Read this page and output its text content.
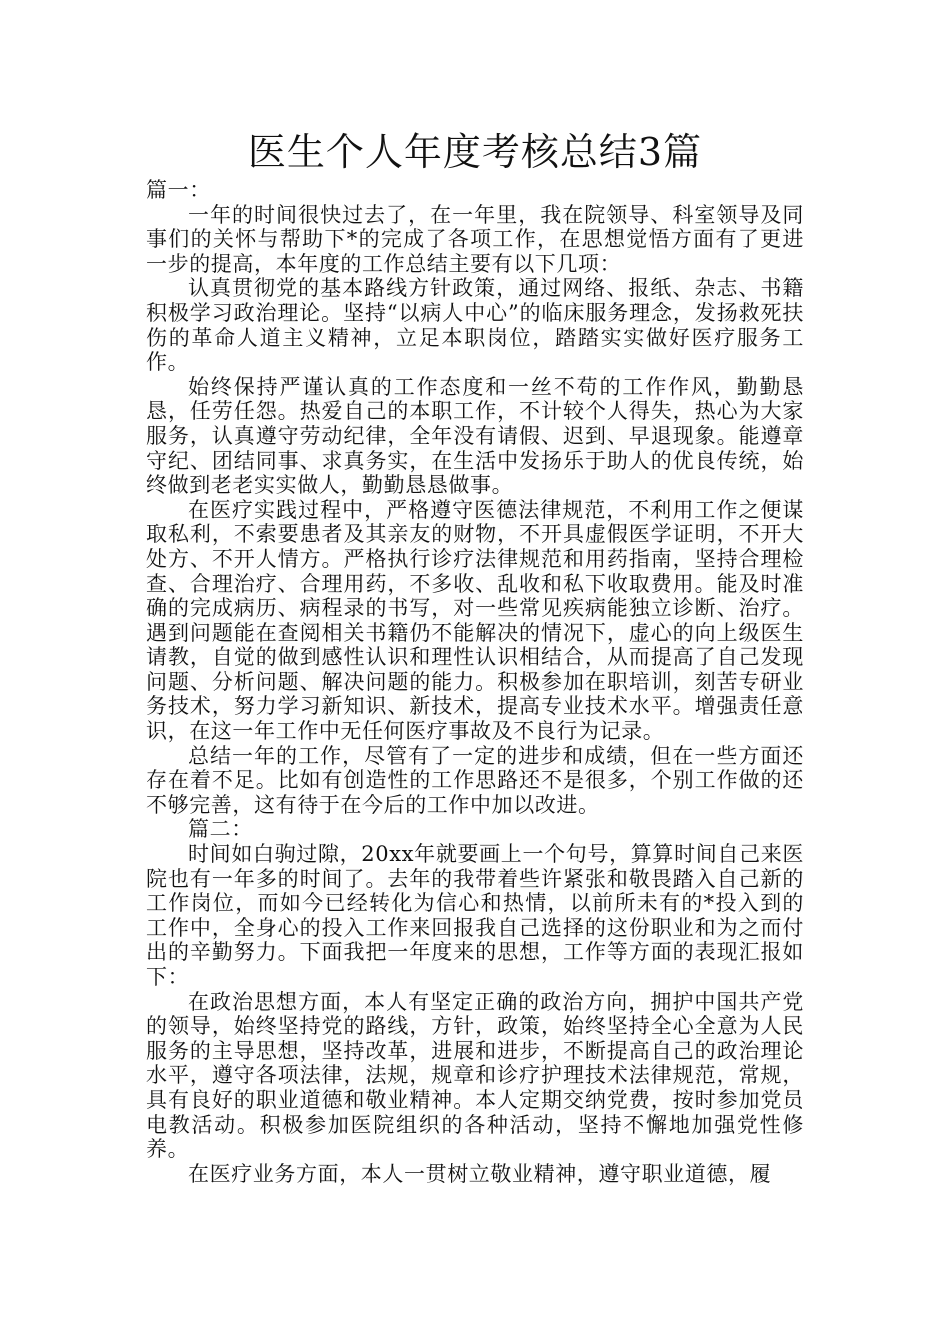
医生个人年度考核总结3篇

篇一：

一年的时间很快过去了，在一年里，我在院领导、科室领导及同事们的关怀与帮助下*的完成了各项工作，在思想觉悟方面有了更进一步的提高，本年度的工作总结主要有以下几项：

认真贯彻党的基本路线方针政策，通过网络、报纸、杂志、书籍积极学习政治理论。坚持“以病人中心”的临床服务理念，发扬救死扶伤的革命人道主义精神，立足本职岗位，踏踏实实做好医疗服务工作。

始终保持严谨认真的工作态度和一丝不苟的工作作风，勤勤恳恳，任劳任怨。热爱自己的本职工作，不计较个人得失，热心为大家服务，认真遵守劳动纪律，全年没有请假、迟到、早退现象。能遵章守纪、团结同事、求真务实，在生活中发扬乐于助人的优良传统，始终做到老老实实做人，勤勤恳恳做事。

在医疗实践过程中，严格遵守医德法律规范，不利用工作之便谋取私利，不索要患者及其亲友的财物，不开具虚假医学证明，不开大处方、不开人情方。严格执行诊疗法律规范和用药指南，坚持合理检查、合理治疗、合理用药，不多收、乱收和私下收取费用。能及时准确的完成病历、病程录的书写，对一些常见疾病能独立诊断、治疗。遇到问题能在查阅相关书籍仍不能解决的情况下，虚心的向上级医生请教，自觉的做到感性认识和理性认识相结合，从而提高了自己发现问题、分析问题、解决问题的能力。积极参加在职培训，刻苦专研业务技术，努力学习新知识、新技术，提高专业技术水平。增强责任意识，在这一年工作中无任何医疗事故及不良行为记录。

总结一年的工作，尽管有了一定的进步和成绩，但在一些方面还存在着不足。比如有创造性的工作思路还不是很多，个别工作做的还不够完善，这有待于在今后的工作中加以改进。

篇二：

时间如白驹过隙，20xx年就要画上一个句号，算算时间自己来医院也有一年多的时间了。去年的我带着些许紧张和敬畏踏入自己新的工作岗位，而如今已经转化为信心和热情，以前所未有的*投入到的工作中，全身心的投入工作来回报我自己选择的这份职业和为之而付出的辛勤努力。下面我把一年度来的思想，工作等方面的表现汇报如下：

在政治思想方面，本人有坚定正确的政治方向，拥护中国共产党的领导，始终坚持党的路线，方针，政策，始终坚持全心全意为人民服务的主导思想，坚持改革，进展和进步，不断提高自己的政治理论水平，遵守各项法律，法规，规章和诊疗护理技术法律规范，常规，具有良好的职业道德和敬业精神。本人定期交纳党费，按时参加党员电教活动。积极参加医院组织的各种活动，坚持不懈地加强党性修养。

在医疗业务方面，本人一贯树立敬业精神，遵守职业道德，履
